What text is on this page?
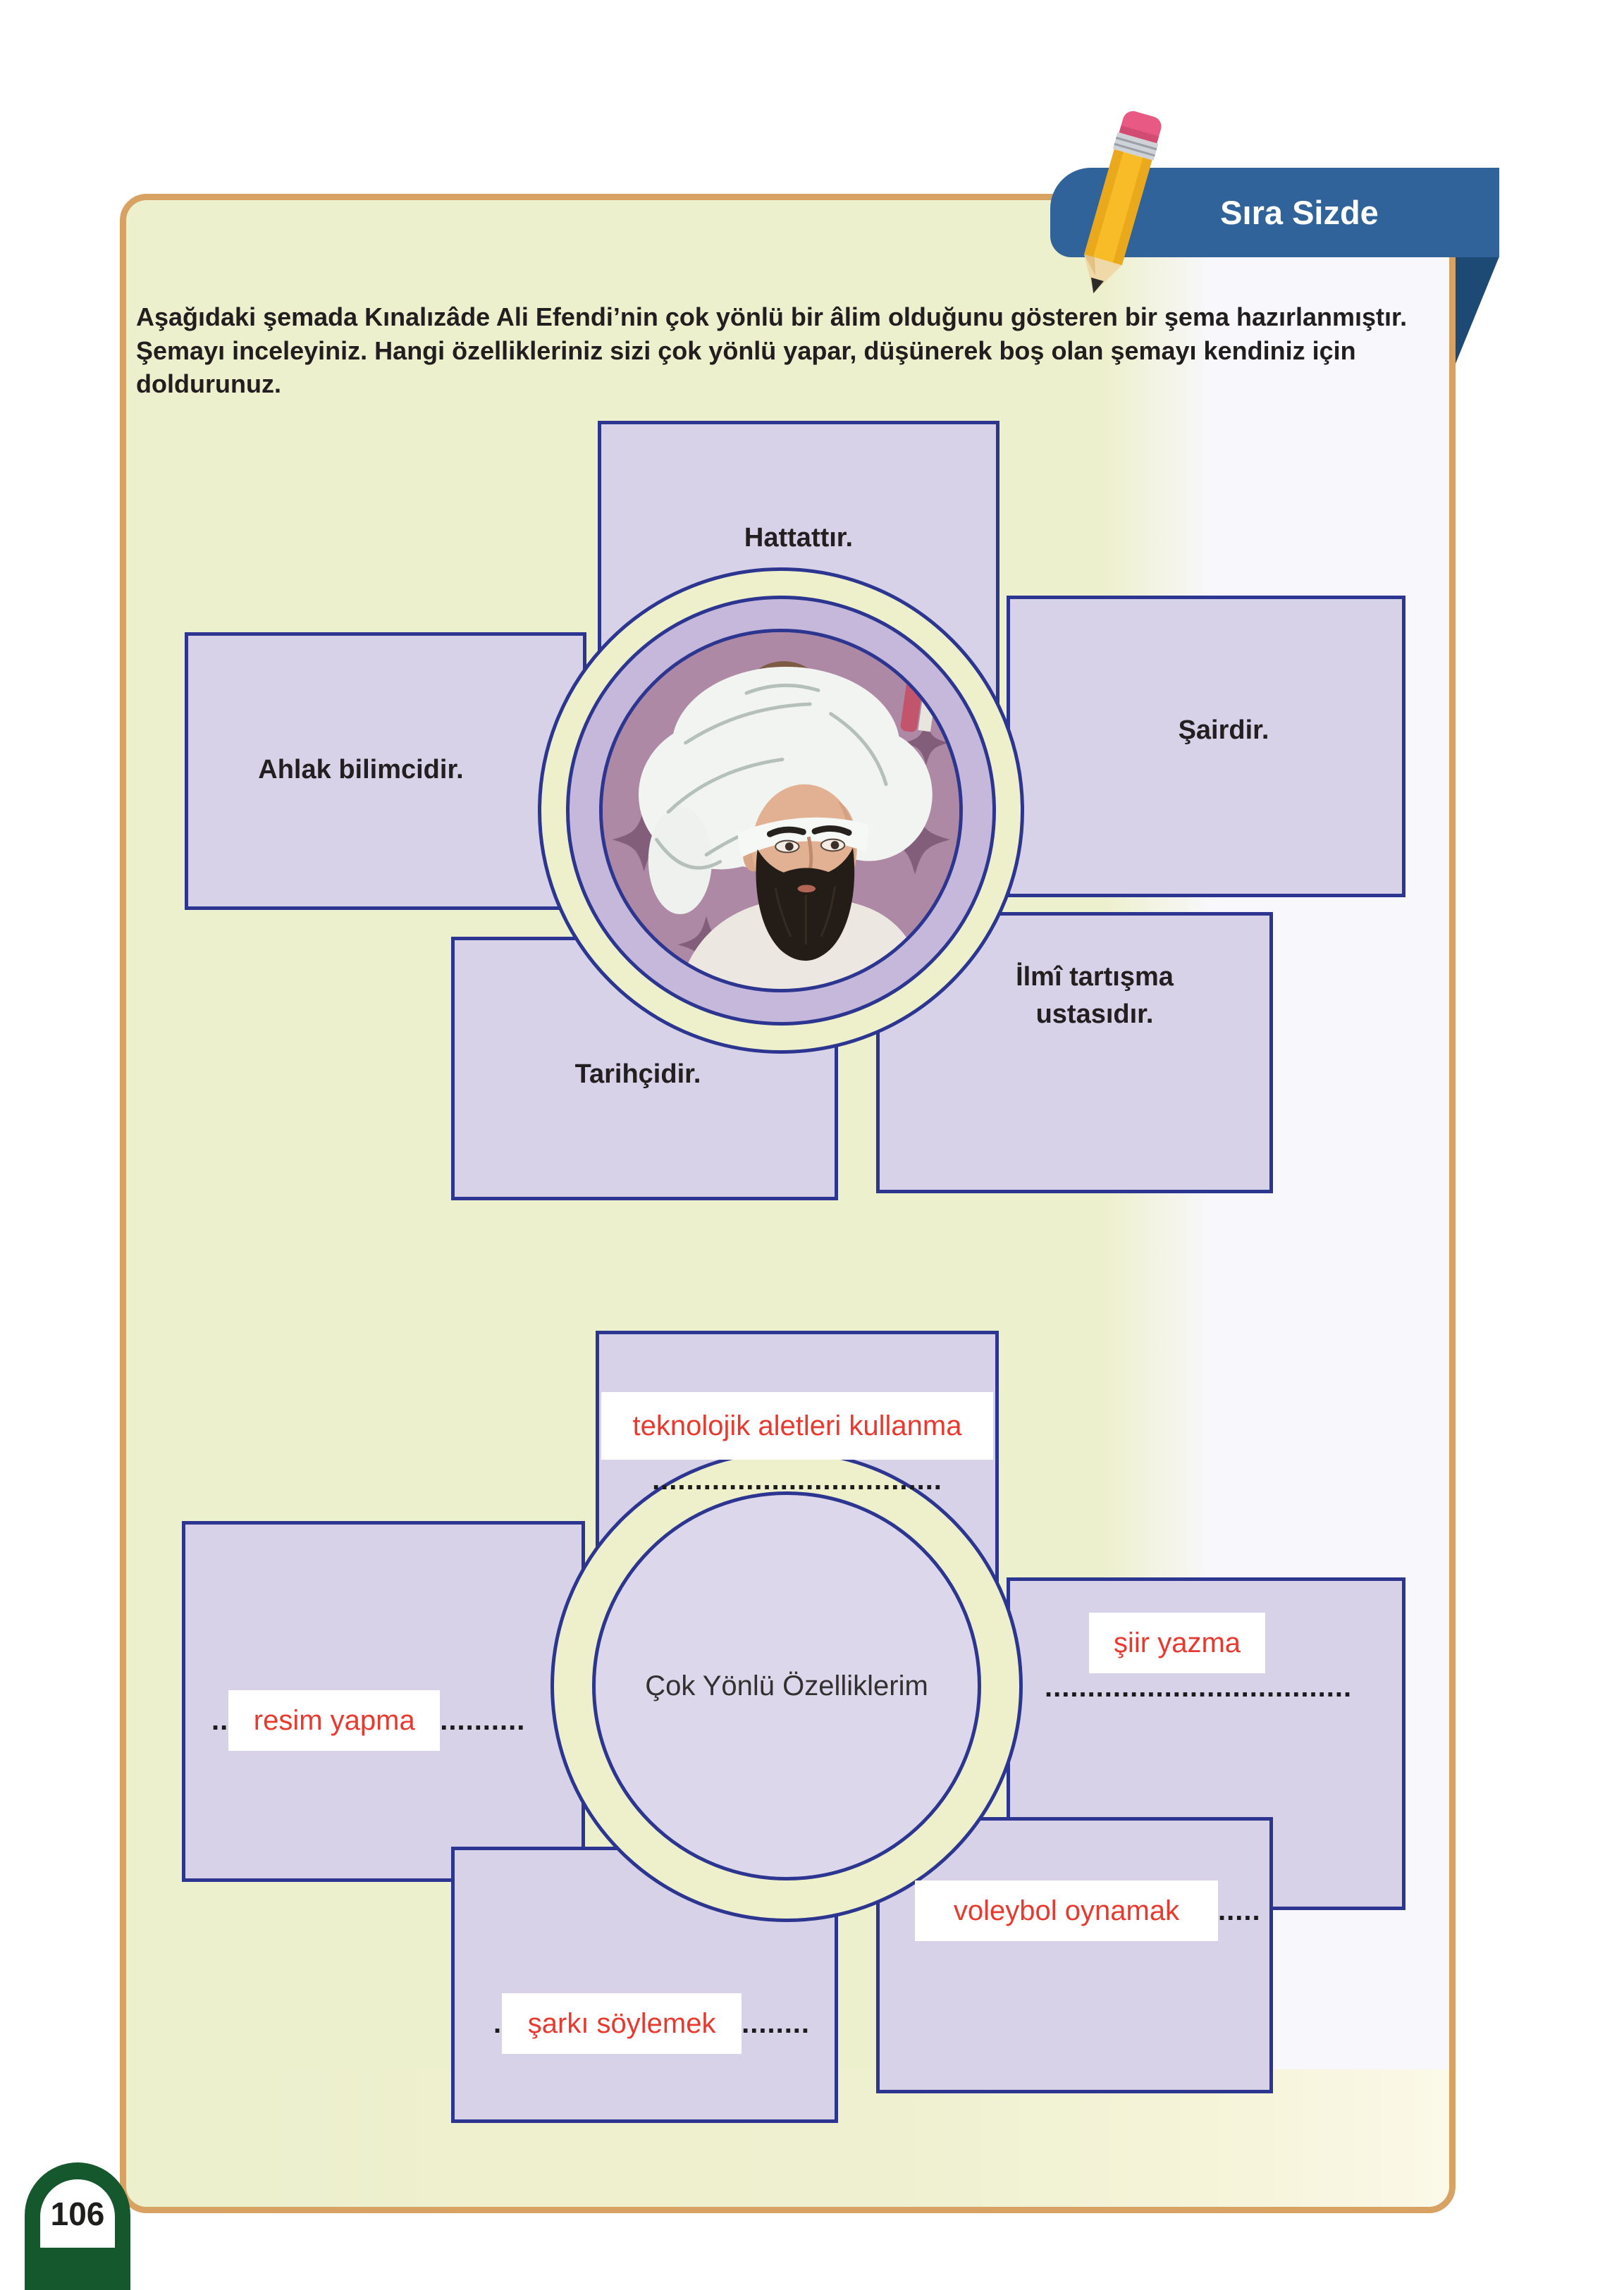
Sıra Sizde

Aşağıdaki şemada Kınalızâde Ali Efendi’nin çok yönlü bir âlim olduğunu gösteren bir şema hazırlanmıştır. Şemayı inceleyiniz. Hangi özellikleriniz sizi çok yönlü yapar, düşünerek boş olan şemayı kendiniz için doldurunuz.

Hattattır.
Ahlak bilimcidir.
Şairdir.
Tarihçidir.
İlmî tartışma ustasıdır.
Çok Yönlü Özelliklerim
teknolojik aletleri kullanma
..................................
.. resim yapma ..........
şiir yazma
....................................
. şarkı söylemek ........
voleybol oynamak	.....
106
